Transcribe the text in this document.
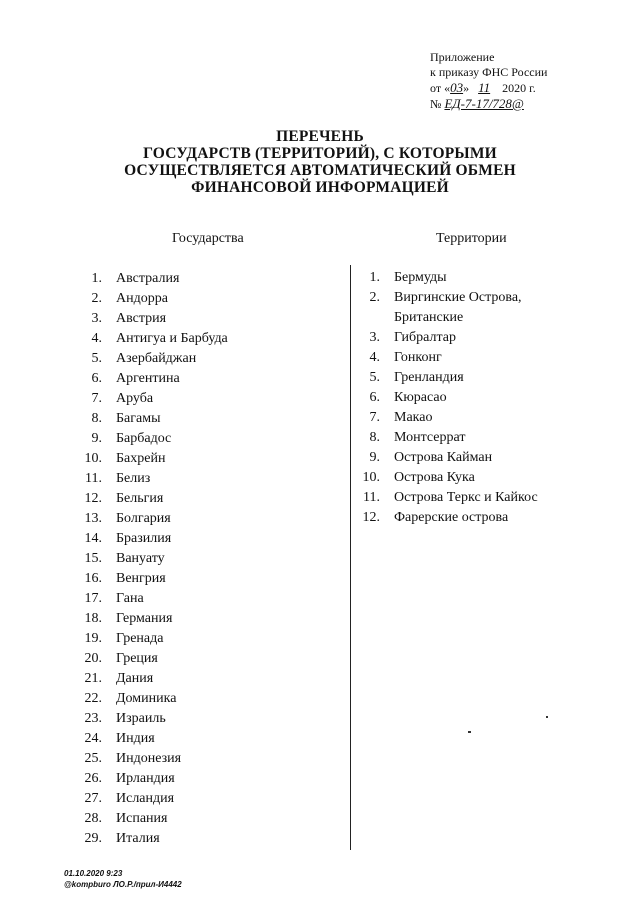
Приложение
к приказу ФНС России
от «03» 11 2020 г.
№ ЕД-7-17/728@
ПЕРЕЧЕНЬ
ГОСУДАРСТВ (ТЕРРИТОРИЙ), С КОТОРЫМИ
ОСУЩЕСТВЛЯЕТСЯ АВТОМАТИЧЕСКИЙ ОБМЕН
ФИНАНСОВОЙ ИНФОРМАЦИЕЙ
Государства	Территории
1. Австралия
2. Андорра
3. Австрия
4. Антигуа и Барбуда
5. Азербайджан
6. Аргентина
7. Аруба
8. Багамы
9. Барбадос
10. Бахрейн
11. Белиз
12. Бельгия
13. Болгария
14. Бразилия
15. Вануату
16. Венгрия
17. Гана
18. Германия
19. Гренада
20. Греция
21. Дания
22. Доминика
23. Израиль
24. Индия
25. Индонезия
26. Ирландия
27. Исландия
28. Испания
29. Италия
1. Бермуды
2. Виргинские Острова, Британские
3. Гибралтар
4. Гонконг
5. Гренландия
6. Кюрасао
7. Макао
8. Монтсеррат
9. Острова Кайман
10. Острова Кука
11. Острова Теркс и Кайкос
12. Фарерские острова
01.10.2020 9:23
@kompburo ЛО.Р./прил-И4442
